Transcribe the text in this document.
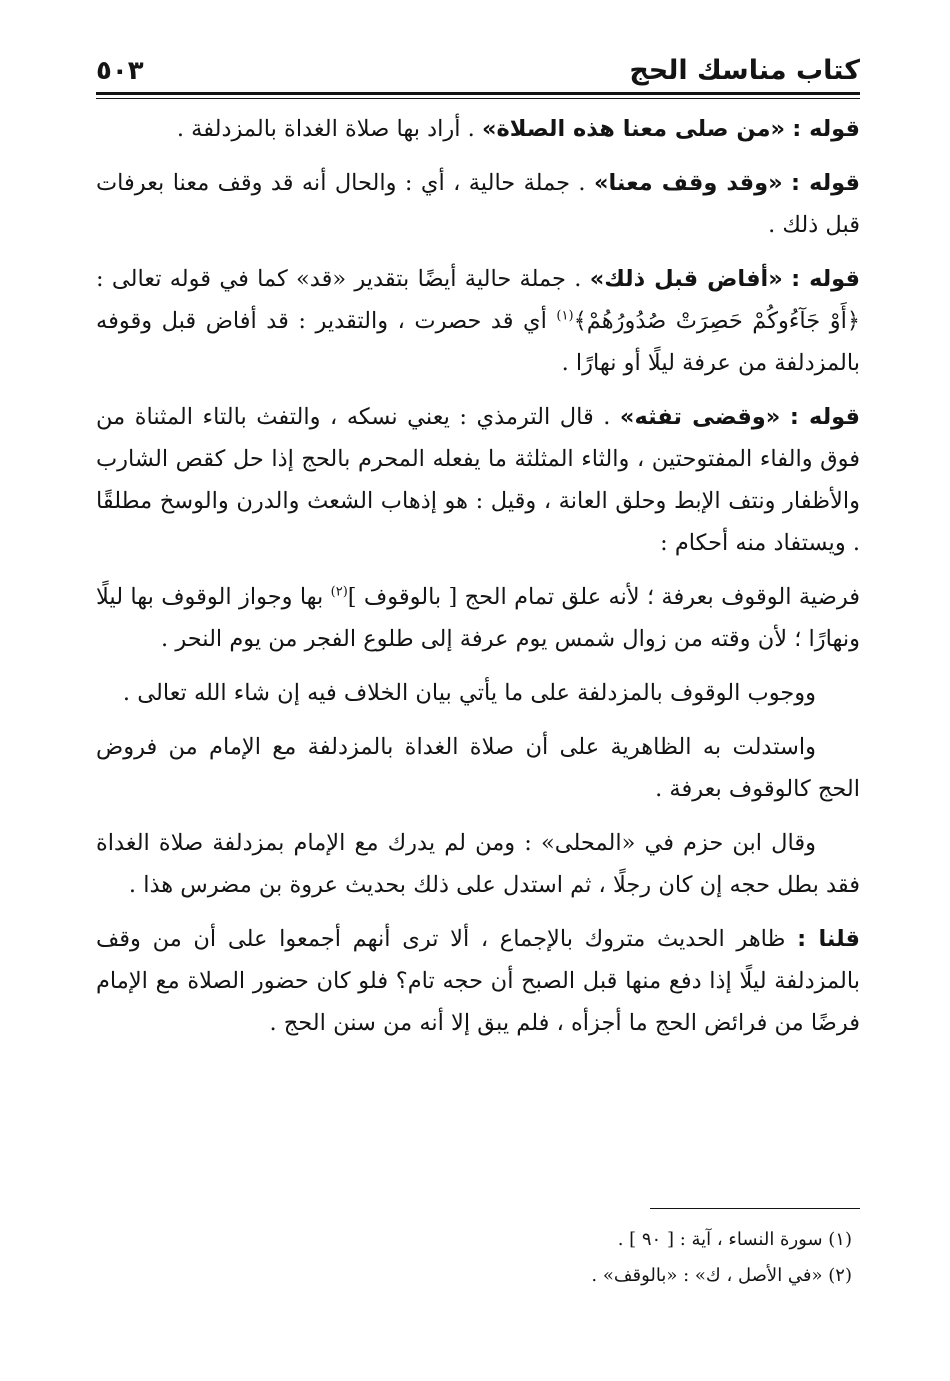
كتاب مناسك الحج
٥٠٣

قوله : «من صلى معنا هذه الصلاة» . أراد بها صلاة الغداة بالمزدلفة .

قوله : «وقد وقف معنا» . جملة حالية ، أي : والحال أنه قد وقف معنا بعرفات قبل ذلك .

قوله : «أفاض قبل ذلك» . جملة حالية أيضًا بتقدير «قد» كما في قوله تعالى : ﴿أَوْ جَآءُوكُمْ حَصِرَتْ صُدُورُهُمْ﴾$^{(١)}$ أي قد حصرت ، والتقدير : قد أفاض قبل وقوفه بالمزدلفة من عرفة ليلًا أو نهارًا .

قوله : «وقضى تفثه» . قال الترمذي : يعني نسكه ، والتفث بالتاء المثناة من فوق والفاء المفتوحتين ، والثاء المثلثة ما يفعله المحرم بالحج إذا حل كقص الشارب والأظفار ونتف الإبط وحلق العانة ، وقيل : هو إذهاب الشعث والدرن والوسخ مطلقًا . ويستفاد منه أحكام :

فرضية الوقوف بعرفة ؛ لأنه علق تمام الحج [ بالوقوف ]$^{(٢)}$ بها وجواز الوقوف بها ليلًا ونهارًا ؛ لأن وقته من زوال شمس يوم عرفة إلى طلوع الفجر من يوم النحر .

ووجوب الوقوف بالمزدلفة على ما يأتي بيان الخلاف فيه إن شاء الله تعالى .

واستدلت به الظاهرية على أن صلاة الغداة بالمزدلفة مع الإمام من فروض الحج كالوقوف بعرفة .

وقال ابن حزم في «المحلى» : ومن لم يدرك مع الإمام بمزدلفة صلاة الغداة فقد بطل حجه إن كان رجلًا ، ثم استدل على ذلك بحديث عروة بن مضرس هذا .

قلنا : ظاهر الحديث متروك بالإجماع ، ألا ترى أنهم أجمعوا على أن من وقف بالمزدلفة ليلًا إذا دفع منها قبل الصبح أن حجه تام؟ فلو كان حضور الصلاة مع الإمام فرضًا من فرائض الحج ما أجزأه ، فلم يبق إلا أنه من سنن الحج .

(١) سورة النساء ، آية : [ ٩٠ ] .

(٢) «في الأصل ، ك» : «بالوقف» .
